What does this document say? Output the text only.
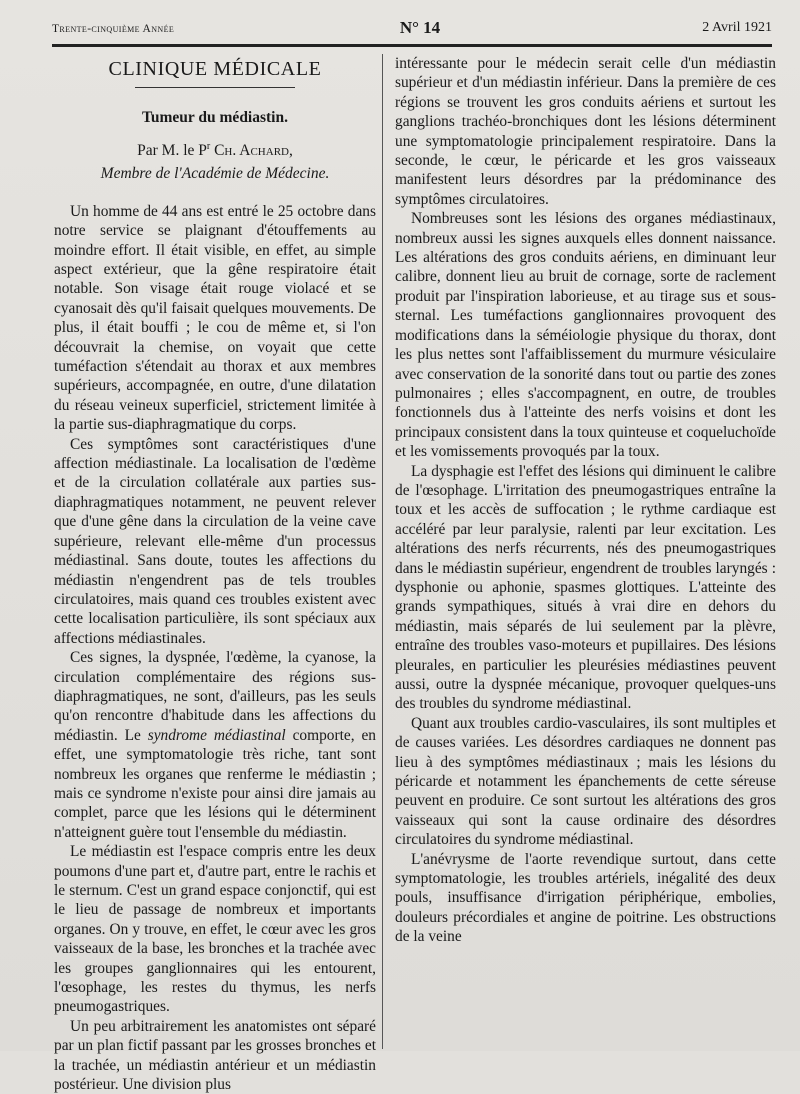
Trente-cinquième Année	N° 14	2 Avril 1921
CLINIQUE MÉDICALE
Tumeur du médiastin.
Par M. le $P^r$ Ch. Achard,
Membre de l'Académie de Médecine.

Un homme de 44 ans est entré le 25 octobre dans notre service se plaignant d'étouffements au moindre effort. Il était visible, en effet, au simple aspect extérieur, que la gêne respiratoire était notable. Son visage était rouge violacé et se cyanosait dès qu'il faisait quelques mouvements. De plus, il était bouffi ; le cou de même et, si l'on découvrait la chemise, on voyait que cette tuméfaction s'étendait au thorax et aux membres supérieurs, accompagnée, en outre, d'une dilatation du réseau veineux superficiel, strictement limitée à la partie sus-diaphragmatique du corps.

Ces symptômes sont caractéristiques d'une affection médiastinale. La localisation de l'œdème et de la circulation collatérale aux parties sus-diaphragmatiques notamment, ne peuvent relever que d'une gêne dans la circulation de la veine cave supérieure, relevant elle-même d'un processus médiastinal. Sans doute, toutes les affections du médiastin n'engendrent pas de tels troubles circulatoires, mais quand ces troubles existent avec cette localisation particulière, ils sont spéciaux aux affections médiastinales.

Ces signes, la dyspnée, l'œdème, la cyanose, la circulation complémentaire des régions sus-diaphragmatiques, ne sont, d'ailleurs, pas les seuls qu'on rencontre d'habitude dans les affections du médiastin. Le syndrome médiastinal comporte, en effet, une symptomatologie très riche, tant sont nombreux les organes que renferme le médiastin ; mais ce syndrome n'existe pour ainsi dire jamais au complet, parce que les lésions qui le déterminent n'atteignent guère tout l'ensemble du médiastin.

Le médiastin est l'espace compris entre les deux poumons d'une part et, d'autre part, entre le rachis et le sternum. C'est un grand espace conjonctif, qui est le lieu de passage de nombreux et importants organes. On y trouve, en effet, le cœur avec les gros vaisseaux de la base, les bronches et la trachée avec les groupes ganglionnaires qui les entourent, l'œsophage, les restes du thymus, les nerfs pneumogastriques.

Un peu arbitrairement les anatomistes ont séparé par un plan fictif passant par les grosses bronches et la trachée, un médiastin antérieur et un médiastin postérieur. Une division plus

intéressante pour le médecin serait celle d'un médiastin supérieur et d'un médiastin inférieur. Dans la première de ces régions se trouvent les gros conduits aériens et surtout les ganglions trachéo-bronchiques dont les lésions déterminent une symptomatologie principalement respiratoire. Dans la seconde, le cœur, le péricarde et les gros vaisseaux manifestent leurs désordres par la prédominance des symptômes circulatoires.

Nombreuses sont les lésions des organes médiastinaux, nombreux aussi les signes auxquels elles donnent naissance. Les altérations des gros conduits aériens, en diminuant leur calibre, donnent lieu au bruit de cornage, sorte de raclement produit par l'inspiration laborieuse, et au tirage sus et sous-sternal. Les tuméfactions ganglionnaires provoquent des modifications dans la séméiologie physique du thorax, dont les plus nettes sont l'affaiblissement du murmure vésiculaire avec conservation de la sonorité dans tout ou partie des zones pulmonaires ; elles s'accompagnent, en outre, de troubles fonctionnels dus à l'atteinte des nerfs voisins et dont les principaux consistent dans la toux quinteuse et coqueluchoïde et les vomissements provoqués par la toux.

La dysphagie est l'effet des lésions qui diminuent le calibre de l'œsophage. L'irritation des pneumogastriques entraîne la toux et les accès de suffocation ; le rythme cardiaque est accéléré par leur paralysie, ralenti par leur excitation. Les altérations des nerfs récurrents, nés des pneumogastriques dans le médiastin supérieur, engendrent de troubles laryngés : dysphonie ou aphonie, spasmes glottiques. L'atteinte des grands sympathiques, situés à vrai dire en dehors du médiastin, mais séparés de lui seulement par la plèvre, entraîne des troubles vaso-moteurs et pupillaires. Des lésions pleurales, en particulier les pleurésies médiastines peuvent aussi, outre la dyspnée mécanique, provoquer quelques-uns des troubles du syndrome médiastinal.

Quant aux troubles cardio-vasculaires, ils sont multiples et de causes variées. Les désordres cardiaques ne donnent pas lieu à des symptômes médiastinaux ; mais les lésions du péricarde et notamment les épanchements de cette séreuse peuvent en produire. Ce sont surtout les altérations des gros vaisseaux qui sont la cause ordinaire des désordres circulatoires du syndrome médiastinal.

L'anévrysme de l'aorte revendique surtout, dans cette symptomatologie, les troubles artériels, inégalité des deux pouls, insuffisance d'irrigation périphérique, embolies, douleurs précordiales et angine de poitrine. Les obstructions de la veine
